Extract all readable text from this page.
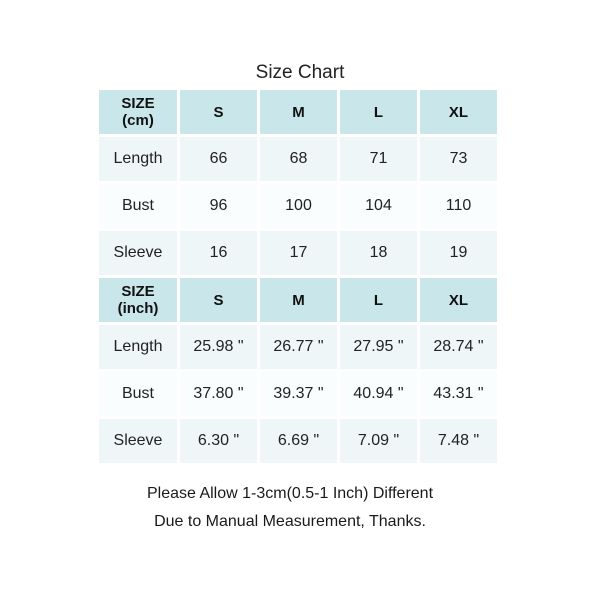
Size Chart
SIZE
(cm)	S	M	L	XL
Length	66	68	71	73
Bust	96	100	104	110
Sleeve	16	17	18	19
SIZE
(inch)	S	M	L	XL
Length	25.98 "	26.77 "	27.95 "	28.74 "
Bust	37.80 "	39.37 "	40.94 "	43.31 "
Sleeve	6.30 "	6.69 "	7.09 "	7.48 "
Please Allow 1-3cm(0.5-1 Inch) Different
Due to Manual Measurement, Thanks.
